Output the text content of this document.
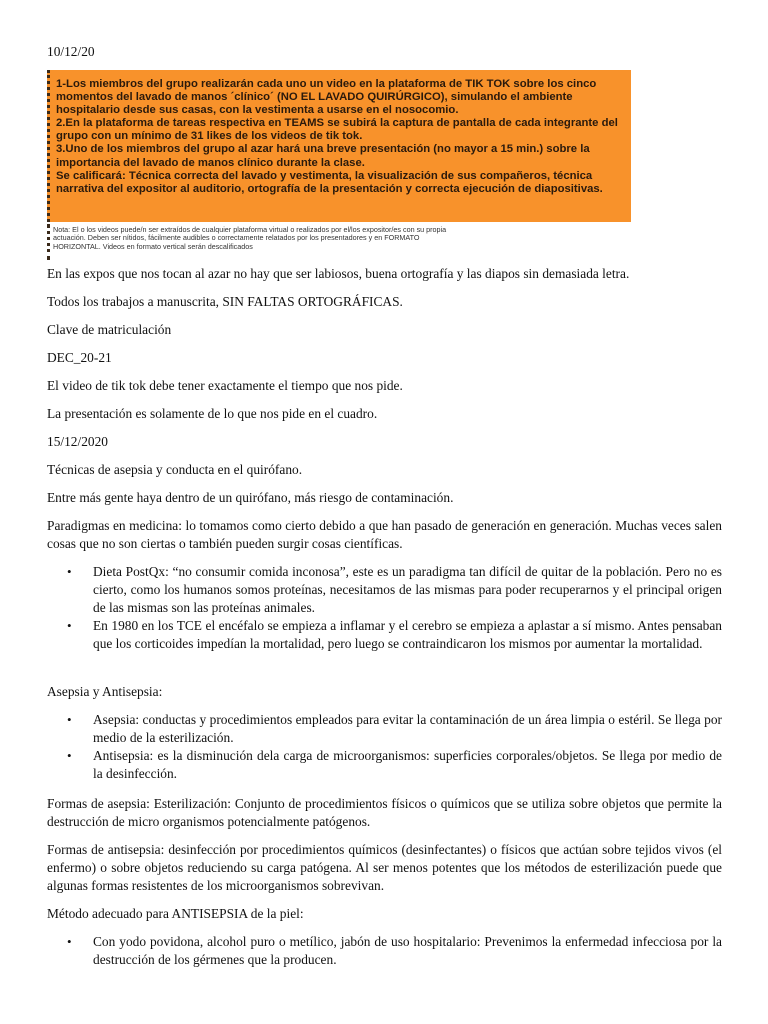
10/12/20

1-Los miembros del grupo realizarán cada uno un video en la plataforma de TIK TOK sobre los cinco
momentos del lavado de manos ´clínico´ (NO EL LAVADO QUIRÚRGICO), simulando el ambiente
hospitalario desde sus casas, con la vestimenta a usarse en el nosocomio.
2.En la plataforma de tareas respectiva en TEAMS se subirá la captura de pantalla de cada integrante del
grupo con un mínimo de 31 likes de los videos de tik tok.
3.Uno de los miembros del grupo al azar hará una breve presentación (no mayor a 15 min.) sobre la
importancia del lavado de manos clínico durante la clase.
Se calificará: Técnica correcta del lavado y vestimenta, la visualización de sus compañeros, técnica
narrativa del expositor al auditorio, ortografía de la presentación y correcta ejecución de diapositivas.
Nota: El o los videos puede/n ser extraídos de cualquier plataforma virtual o realizados por el/los expositor/es con su propia
actuación. Deben ser nítidos, fácilmente audibles o correctamente relatados por los presentadores y en FORMATO
HORIZONTAL. Videos en formato vertical serán descalificados

En las expos que nos tocan al azar no hay que ser labiosos, buena ortografía y las diapos sin demasiada letra.

Todos los trabajos a manuscrita, SIN FALTAS ORTOGRÁFICAS.

Clave de matriculación

DEC_20-21

El video de tik tok debe tener exactamente el tiempo que nos pide.

La presentación es solamente de lo que nos pide en el cuadro.

15/12/2020

Técnicas de asepsia y conducta en el quirófano.

Entre más gente haya dentro de un quirófano, más riesgo de contaminación.

Paradigmas en medicina: lo tomamos como cierto debido a que han pasado de generación en generación. Muchas veces salen cosas que no son ciertas o también pueden surgir cosas científicas.

• Dieta PostQx: “no consumir comida inconosa”, este es un paradigma tan difícil de quitar de la población. Pero no es cierto, como los humanos somos proteínas, necesitamos de las mismas para poder recuperarnos y el principal origen de las mismas son las proteínas animales.
• En 1980 en los TCE el encéfalo se empieza a inflamar y el cerebro se empieza a aplastar a sí mismo. Antes pensaban que los corticoides impedían la mortalidad, pero luego se contraindicaron los mismos por aumentar la mortalidad.

Asepsia y Antisepsia:

• Asepsia: conductas y procedimientos empleados para evitar la contaminación de un área limpia o estéril. Se llega por medio de la esterilización.
• Antisepsia: es la disminución dela carga de microorganismos: superficies corporales/objetos. Se llega por medio de la desinfección.

Formas de asepsia: Esterilización: Conjunto de procedimientos físicos o químicos que se utiliza sobre objetos que permite la destrucción de micro organismos potencialmente patógenos.

Formas de antisepsia: desinfección por procedimientos químicos (desinfectantes) o físicos que actúan sobre tejidos vivos (el enfermo) o sobre objetos reduciendo su carga patógena. Al ser menos potentes que los métodos de esterilización puede que algunas formas resistentes de los microorganismos sobrevivan.

Método adecuado para ANTISEPSIA de la piel:

• Con yodo povidona, alcohol puro o metílico, jabón de uso hospitalario: Prevenimos la enfermedad infecciosa por la destrucción de los gérmenes que la producen.
